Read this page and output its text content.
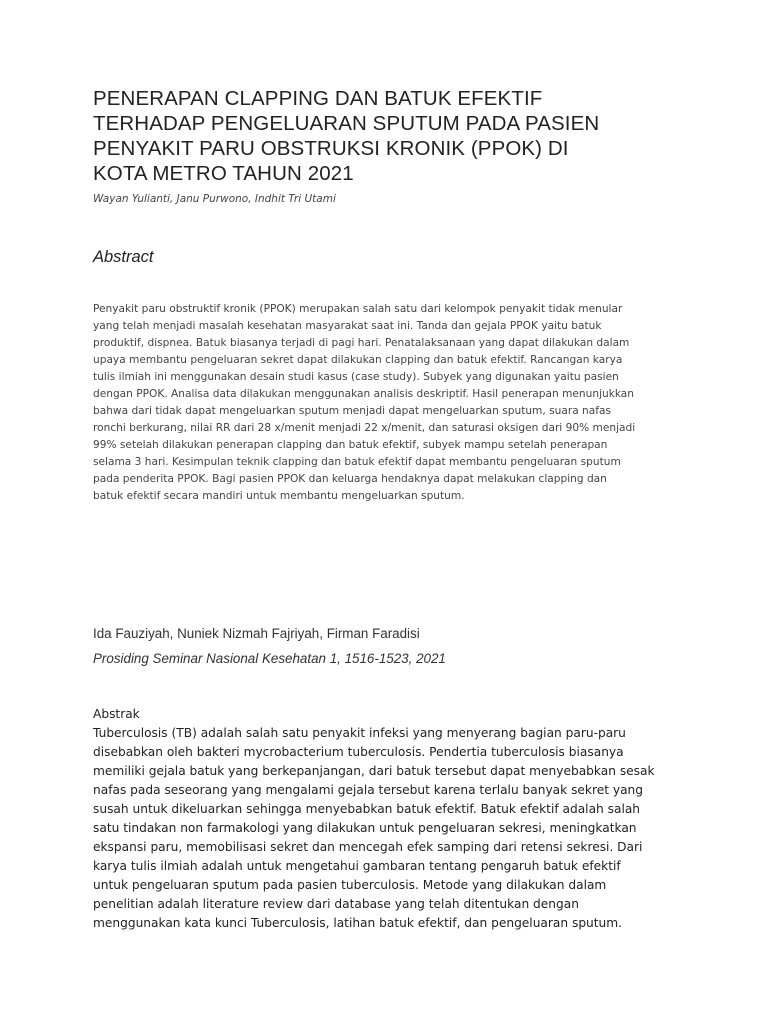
PENERAPAN CLAPPING DAN BATUK EFEKTIF
TERHADAP PENGELUARAN SPUTUM PADA PASIEN
PENYAKIT PARU OBSTRUKSI KRONIK (PPOK) DI
KOTA METRO TAHUN 2021
Wayan Yulianti, Janu Purwono, Indhit Tri Utami
Abstract
Penyakit paru obstruktif kronik (PPOK) merupakan salah satu dari kelompok penyakit tidak menular
yang telah menjadi masalah kesehatan masyarakat saat ini. Tanda dan gejala PPOK yaitu batuk
produktif, dispnea. Batuk biasanya terjadi di pagi hari. Penatalaksanaan yang dapat dilakukan dalam
upaya membantu pengeluaran sekret dapat dilakukan clapping dan batuk efektif. Rancangan karya
tulis ilmiah ini menggunakan desain studi kasus (case study). Subyek yang digunakan yaitu pasien
dengan PPOK. Analisa data dilakukan menggunakan analisis deskriptif. Hasil penerapan menunjukkan
bahwa dari tidak dapat mengeluarkan sputum menjadi dapat mengeluarkan sputum, suara nafas
ronchi berkurang, nilai RR dari 28 x/menit menjadi 22 x/menit, dan saturasi oksigen dari 90% menjadi
99% setelah dilakukan penerapan clapping dan batuk efektif, subyek mampu setelah penerapan
selama 3 hari. Kesimpulan teknik clapping dan batuk efektif dapat membantu pengeluaran sputum
pada penderita PPOK. Bagi pasien PPOK dan keluarga hendaknya dapat melakukan clapping dan
batuk efektif secara mandiri untuk membantu mengeluarkan sputum.
Ida Fauziyah, Nuniek Nizmah Fajriyah, Firman Faradisi
Prosiding Seminar Nasional Kesehatan 1, 1516-1523, 2021
Abstrak
Tuberculosis (TB) adalah salah satu penyakit infeksi yang menyerang bagian paru-paru
disebabkan oleh bakteri mycrobacterium tuberculosis. Pendertia tuberculosis biasanya
memiliki gejala batuk yang berkepanjangan, dari batuk tersebut dapat menyebabkan sesak
nafas pada seseorang yang mengalami gejala tersebut karena terlalu banyak sekret yang
susah untuk dikeluarkan sehingga menyebabkan batuk efektif. Batuk efektif adalah salah
satu tindakan non farmakologi yang dilakukan untuk pengeluaran sekresi, meningkatkan
ekspansi paru, memobilisasi sekret dan mencegah efek samping dari retensi sekresi. Dari
karya tulis ilmiah adalah untuk mengetahui gambaran tentang pengaruh batuk efektif
untuk pengeluaran sputum pada pasien tuberculosis. Metode yang dilakukan dalam
penelitian adalah literature review dari database yang telah ditentukan dengan
menggunakan kata kunci Tuberculosis, latihan batuk efektif, dan pengeluaran sputum.
